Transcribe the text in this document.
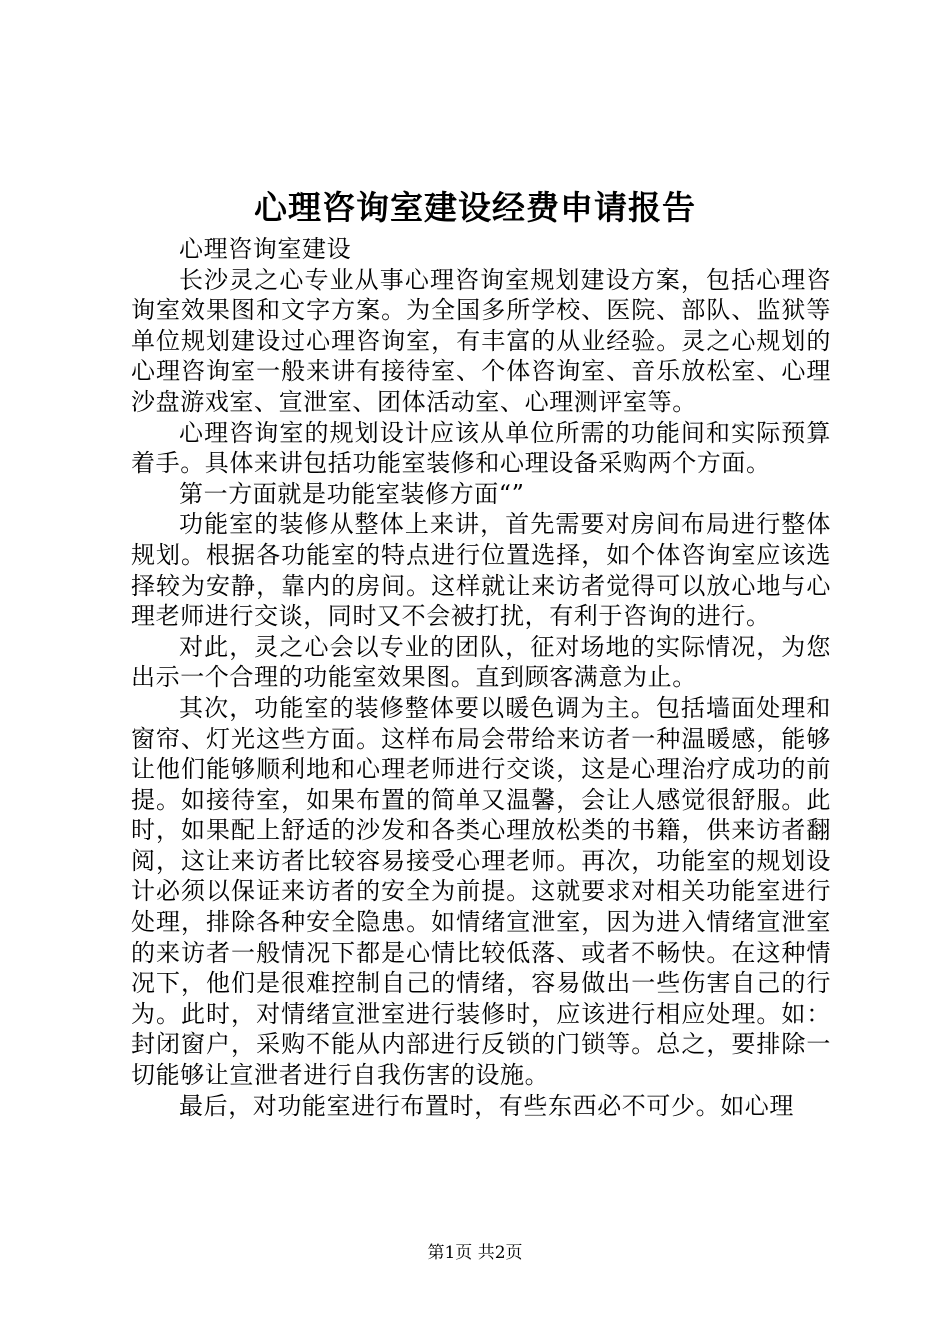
心理咨询室建设经费申请报告

心理咨询室建设

长沙灵之心专业从事心理咨询室规划建设方案，包括心理咨询室效果图和文字方案。为全国多所学校、医院、部队、监狱等单位规划建设过心理咨询室，有丰富的从业经验。灵之心规划的心理咨询室一般来讲有接待室、个体咨询室、音乐放松室、心理沙盘游戏室、宣泄室、团体活动室、心理测评室等。

心理咨询室的规划设计应该从单位所需的功能间和实际预算着手。具体来讲包括功能室装修和心理设备采购两个方面。

第一方面就是功能室装修方面“”

功能室的装修从整体上来讲，首先需要对房间布局进行整体规划。根据各功能室的特点进行位置选择，如个体咨询室应该选择较为安静，靠内的房间。这样就让来访者觉得可以放心地与心理老师进行交谈，同时又不会被打扰，有利于咨询的进行。

对此，灵之心会以专业的团队，征对场地的实际情况，为您出示一个合理的功能室效果图。直到顾客满意为止。

其次，功能室的装修整体要以暖色调为主。包括墙面处理和窗帘、灯光这些方面。这样布局会带给来访者一种温暖感，能够让他们能够顺利地和心理老师进行交谈，这是心理治疗成功的前提。如接待室，如果布置的简单又温馨，会让人感觉很舒服。此时，如果配上舒适的沙发和各类心理放松类的书籍，供来访者翻阅，这让来访者比较容易接受心理老师。再次，功能室的规划设计必须以保证来访者的安全为前提。这就要求对相关功能室进行处理，排除各种安全隐患。如情绪宣泄室，因为进入情绪宣泄室的来访者一般情况下都是心情比较低落、或者不畅快。在这种情况下，他们是很难控制自己的情绪，容易做出一些伤害自己的行为。此时，对情绪宣泄室进行装修时，应该进行相应处理。如：封闭窗户，采购不能从内部进行反锁的门锁等。总之，要排除一切能够让宣泄者进行自我伤害的设施。

最后，对功能室进行布置时，有些东西必不可少。如心理

第1页 共2页
